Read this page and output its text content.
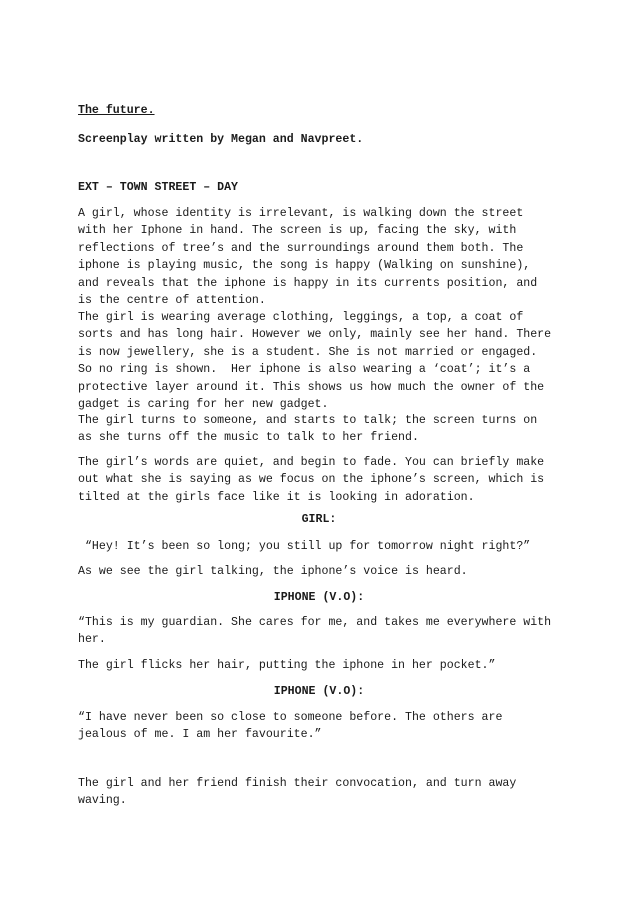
The future.

Screenplay written by Megan and Navpreet.

EXT – TOWN STREET – DAY

A girl, whose identity is irrelevant, is walking down the street
with her Iphone in hand. The screen is up, facing the sky, with
reflections of tree’s and the surroundings around them both. The
iphone is playing music, the song is happy (Walking on sunshine),
and reveals that the iphone is happy in its currents position, and
is the centre of attention.

The girl is wearing average clothing, leggings, a top, a coat of
sorts and has long hair. However we only, mainly see her hand. There
is now jewellery, she is a student. She is not married or engaged.
So no ring is shown.  Her iphone is also wearing a ‘coat’; it’s a
protective layer around it. This shows us how much the owner of the
gadget is caring for her new gadget.

The girl turns to someone, and starts to talk; the screen turns on
as she turns off the music to talk to her friend.

The girl’s words are quiet, and begin to fade. You can briefly make
out what she is saying as we focus on the iphone’s screen, which is
tilted at the girls face like it is looking in adoration.

GIRL:

“Hey! It’s been so long; you still up for tomorrow night right?”

As we see the girl talking, the iphone’s voice is heard.

IPHONE (V.O):

“This is my guardian. She cares for me, and takes me everywhere with
her.

The girl flicks her hair, putting the iphone in her pocket.”

IPHONE (V.O):

“I have never been so close to someone before. The others are
jealous of me. I am her favourite.”

The girl and her friend finish their convocation, and turn away
waving.
